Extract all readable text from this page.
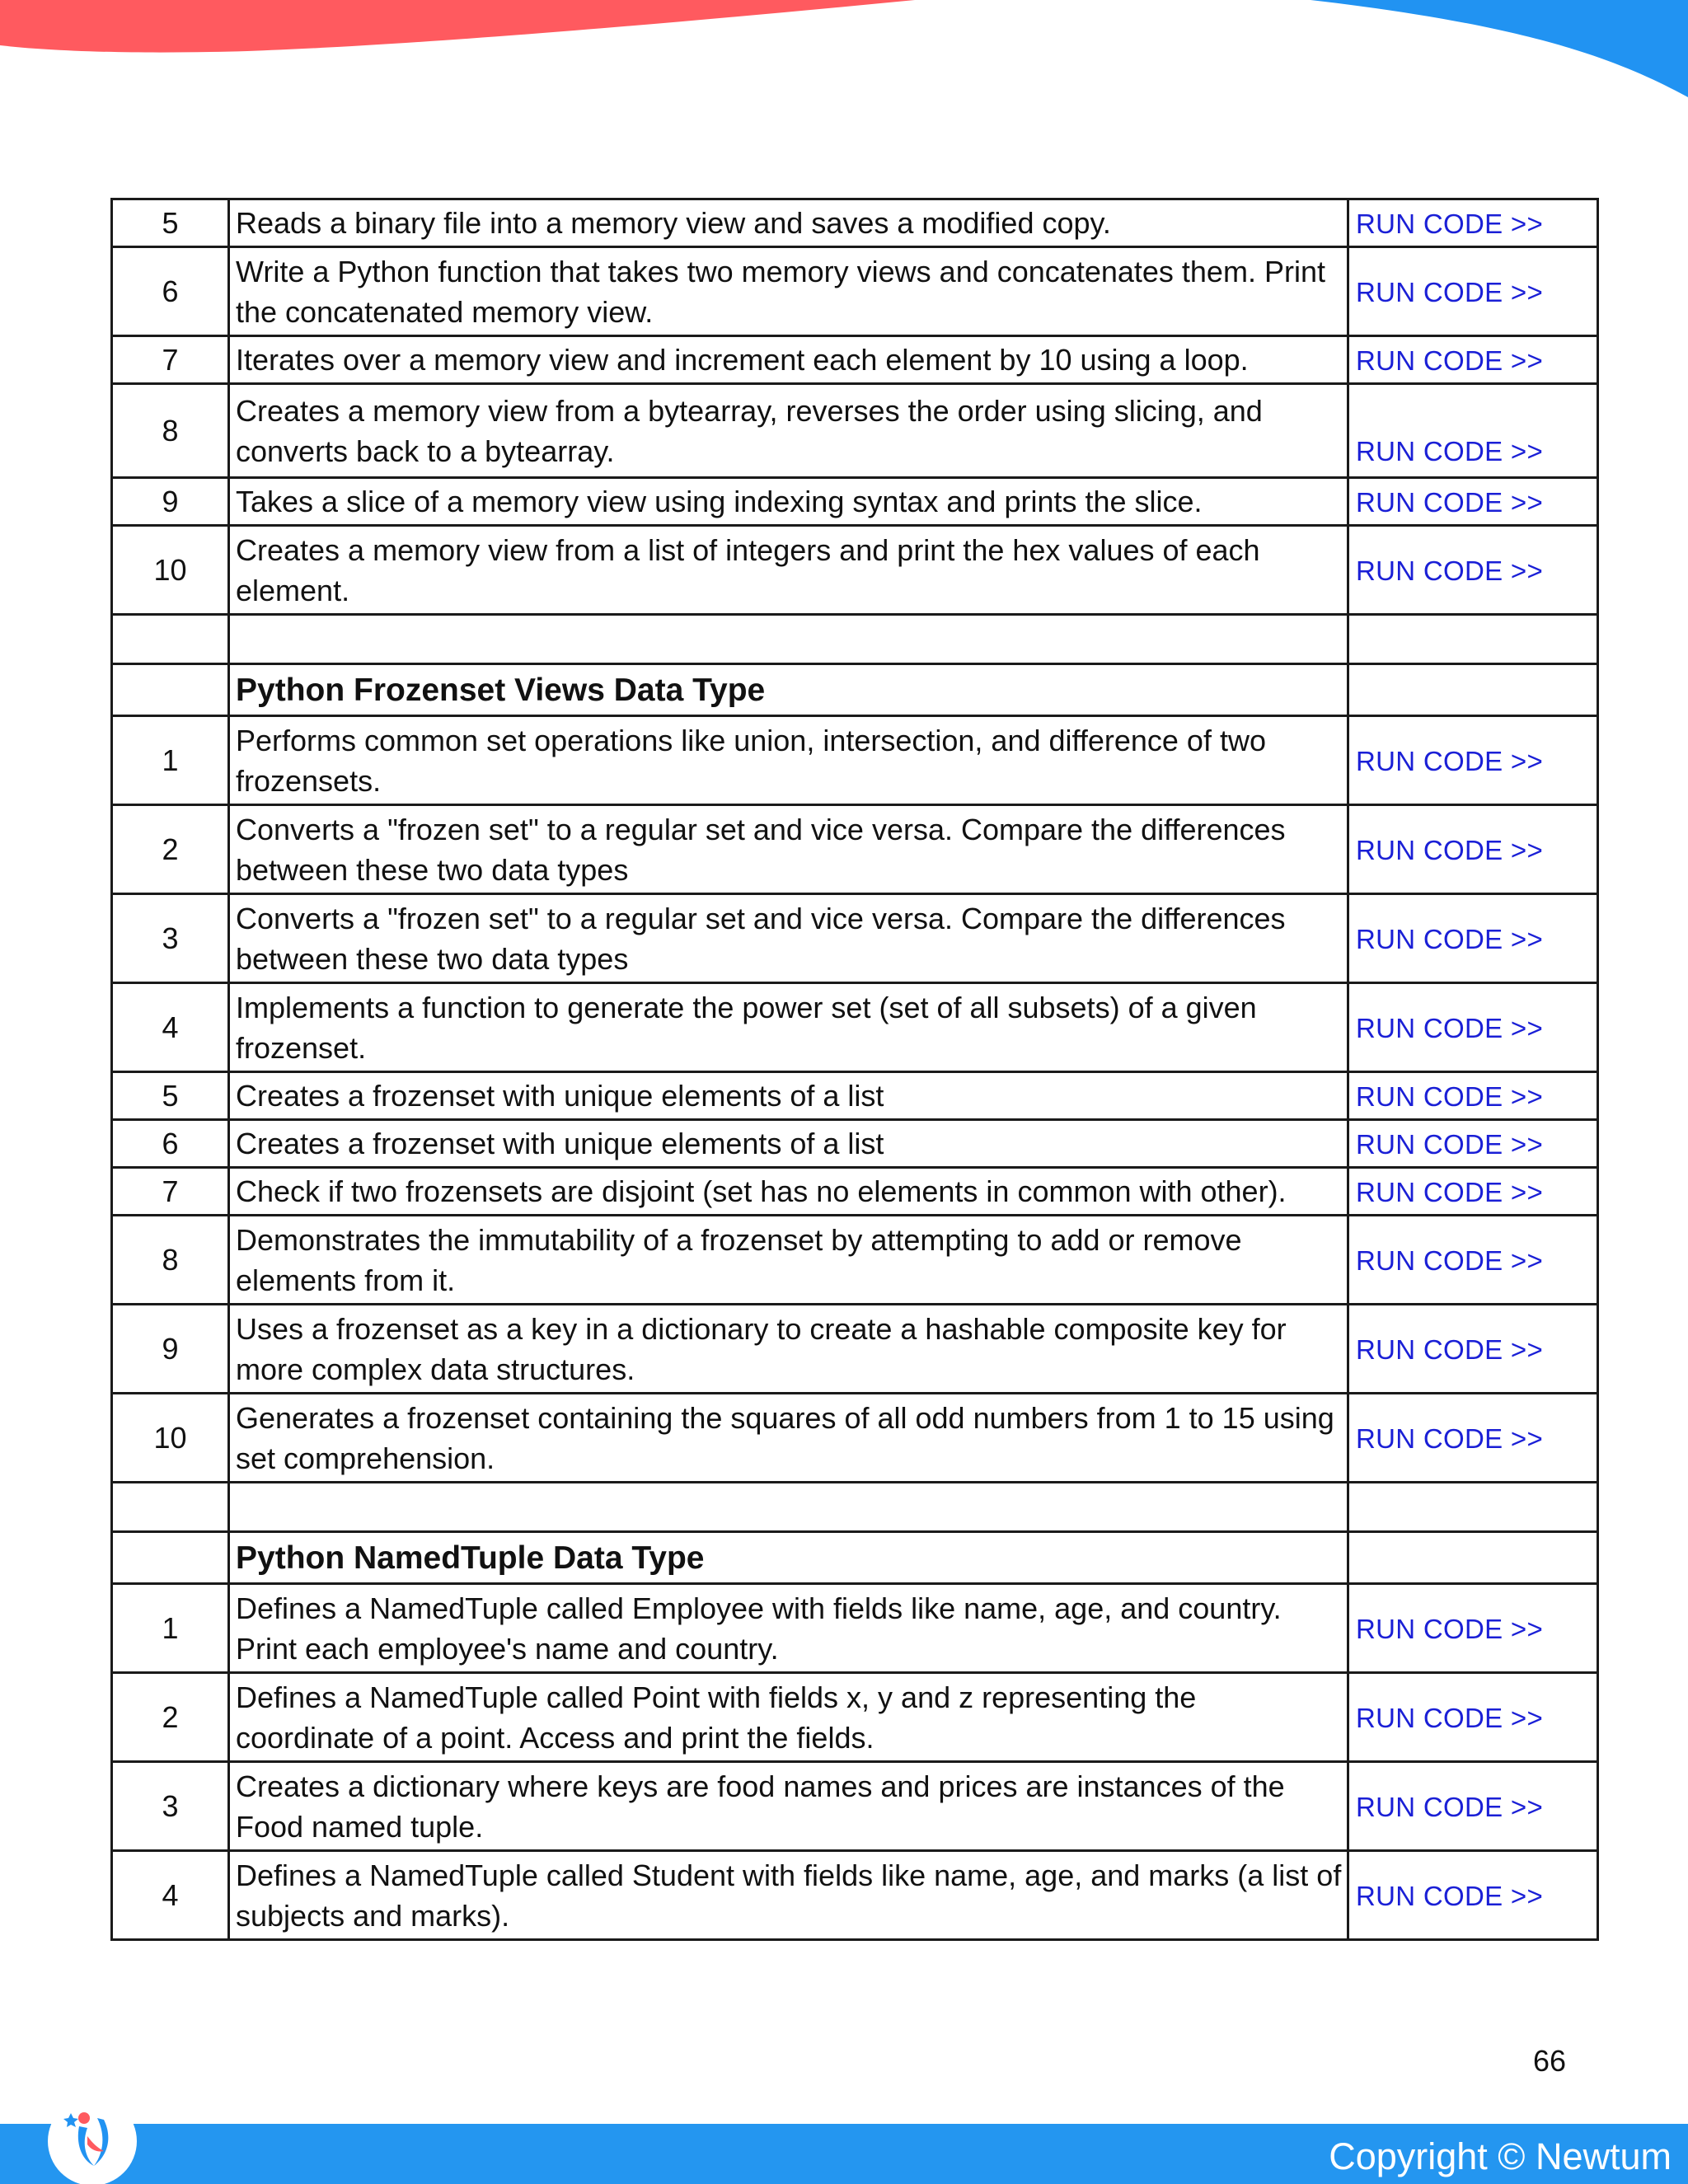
5	Reads a binary file into a memory view and saves a modified copy.	RUN CODE >>
6	Write a Python function that takes two memory views and concatenates them. Print the concatenated memory view.	RUN CODE >>
7	Iterates over a memory view and increment each element by 10 using a loop.	RUN CODE >>
8	Creates a memory view from a bytearray, reverses the order using slicing, and converts back to a bytearray.	RUN CODE >>
9	Takes a slice of a memory view using indexing syntax and prints the slice.	RUN CODE >>
10	Creates a memory view from a list of integers and print the hex values of each element.	RUN CODE >>

	Python Frozenset Views Data Type	
1	Performs common set operations like union, intersection, and difference of two frozensets.	RUN CODE >>
2	Converts a "frozen set" to a regular set and vice versa. Compare the differences between these two data types	RUN CODE >>
3	Converts a "frozen set" to a regular set and vice versa. Compare the differences between these two data types	RUN CODE >>
4	Implements a function to generate the power set (set of all subsets) of a given frozenset.	RUN CODE >>
5	Creates a frozenset with unique elements of a list	RUN CODE >>
6	Creates a frozenset with unique elements of a list	RUN CODE >>
7	Check if two frozensets are disjoint (set has no elements in common with other).	RUN CODE >>
8	Demonstrates the immutability of a frozenset by attempting to add or remove elements from it.	RUN CODE >>
9	Uses a frozenset as a key in a dictionary to create a hashable composite key for more complex data structures.	RUN CODE >>
10	Generates a frozenset containing the squares of all odd numbers from 1 to 15 using set comprehension.	RUN CODE >>

	Python NamedTuple Data Type	
1	Defines a NamedTuple called Employee with fields like name, age, and country. Print each employee's name and country.	RUN CODE >>
2	Defines a NamedTuple called Point with fields x, y and z representing the coordinate of a point. Access and print the fields.	RUN CODE >>
3	Creates a dictionary where keys are food names and prices are instances of the Food named tuple.	RUN CODE >>
4	Defines a NamedTuple called Student with fields like name, age, and marks (a list of subjects and marks).	RUN CODE >>
66
Copyright © Newtum
